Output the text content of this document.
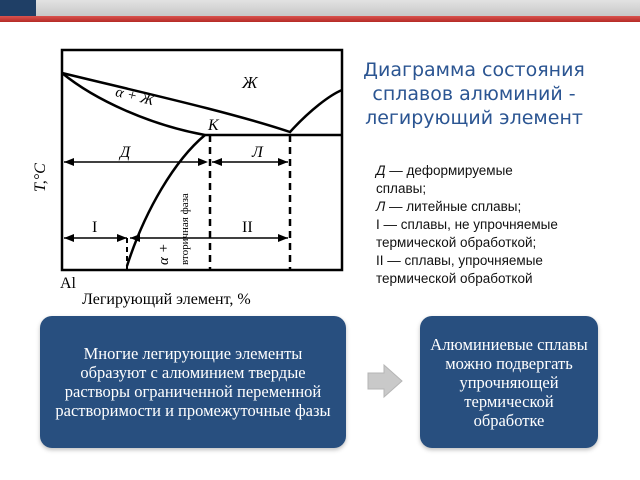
T,°C
Легирующий элемент, %
Al
Ж
α + Ж
К
Д	Л
I	II
α + вторичная фаза
Диаграмма состояния
сплавов алюминий -
легирующий элемент
Д — деформируемые
сплавы;
Л — литейные сплавы;
I — сплавы, не упрочняемые
термической обработкой;
II — сплавы, упрочняемые
термической обработкой
Многие легирующие элементы образуют с алюминием твердые растворы ограниченной переменной растворимости и промежуточные фазы
Алюминиевые сплавы можно подвергать упрочняющей термической обработке
